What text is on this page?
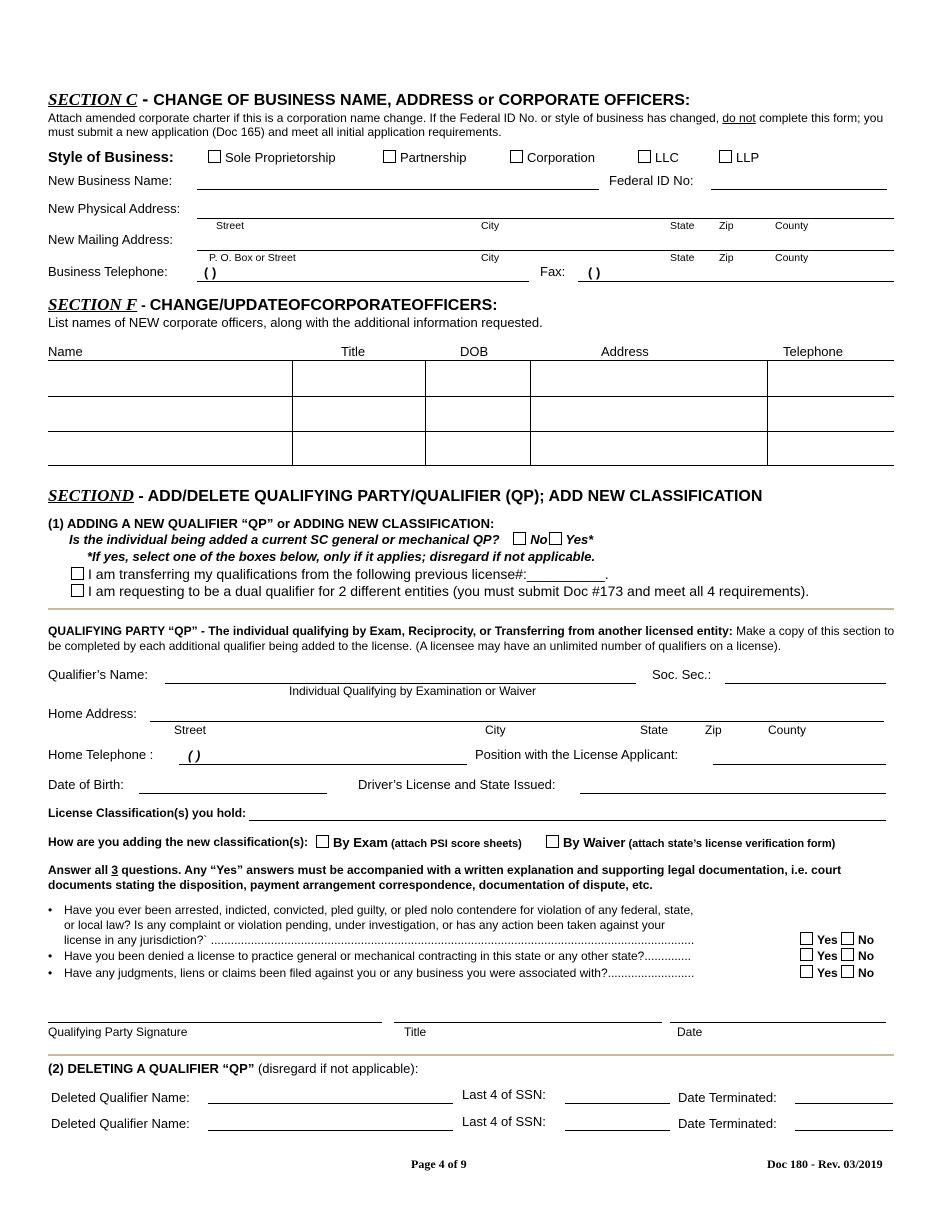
SECTION C - CHANGE OF BUSINESS NAME, ADDRESS or CORPORATE OFFICERS:
Attach amended corporate charter if this is a corporation name change. If the Federal ID No. or style of business has changed, do not complete this form; you must submit a new application (Doc 165) and meet all initial application requirements.
Style of Business:	Sole Proprietorship	Partnership	Corporation	LLC	LLP
New Business Name:	Federal ID No:
New Physical Address:
Street	City	State Zip	County
New Mailing Address:
P. O. Box or Street	City	State Zip	County
Business Telephone:	( )	Fax: ( )
SECTION F - CHANGE/UPDATEOFCORPORATEOFFICERS:
List names of NEW corporate officers, along with the additional information requested.
Name	Title	DOB	Address	Telephone
SECTIOND - ADD/DELETE QUALIFYING PARTY/QUALIFIER (QP); ADD NEW CLASSIFICATION
(1) ADDING A NEW QUALIFIER “QP” or ADDING NEW CLASSIFICATION:
Is the individual being added a current SC general or mechanical QP? No Yes*
*If yes, select one of the boxes below, only if it applies; disregard if not applicable.
I am transferring my qualifications from the following previous license#:__________.
I am requesting to be a dual qualifier for 2 different entities (you must submit Doc #173 and meet all 4 requirements).
QUALIFYING PARTY “QP” - The individual qualifying by Exam, Reciprocity, or Transferring from another licensed entity: Make a copy of this section to be completed by each additional qualifier being added to the license. (A licensee may have an unlimited number of qualifiers on a license).
Qualifier’s Name:	Soc. Sec.:
Individual Qualifying by Examination or Waiver
Home Address:
Street	City	State	Zip	County
Home Telephone :	( )	Position with the License Applicant:
Date of Birth:	Driver’s License and State Issued:
License Classification(s) you hold:
How are you adding the new classification(s):	By Exam (attach PSI score sheets)	By Waiver (attach state’s license verification form)
Answer all 3 questions. Any “Yes” answers must be accompanied with a written explanation and supporting legal documentation, i.e. court documents stating the disposition, payment arrangement correspondence, documentation of dispute, etc.
• Have you ever been arrested, indicted, convicted, pled guilty, or pled nolo contendere for violation of any federal, state,
or local law? Is any complaint or violation pending, under investigation, or has any action been taken against your
license in any jurisdiction?` .................................................................................................................................................	Yes No
• Have you been denied a license to practice general or mechanical contracting in this state or any other state?..............	Yes No
• Have any judgments, liens or claims been filed against you or any business you were associated with?..........................	Yes No
Qualifying Party Signature	Title	Date
(2) DELETING A QUALIFIER “QP” (disregard if not applicable):
Deleted Qualifier Name:	Last 4 of SSN:	Date Terminated:
Deleted Qualifier Name:	Last 4 of SSN:	Date Terminated:
Page 4 of 9	Doc 180 - Rev. 03/2019
